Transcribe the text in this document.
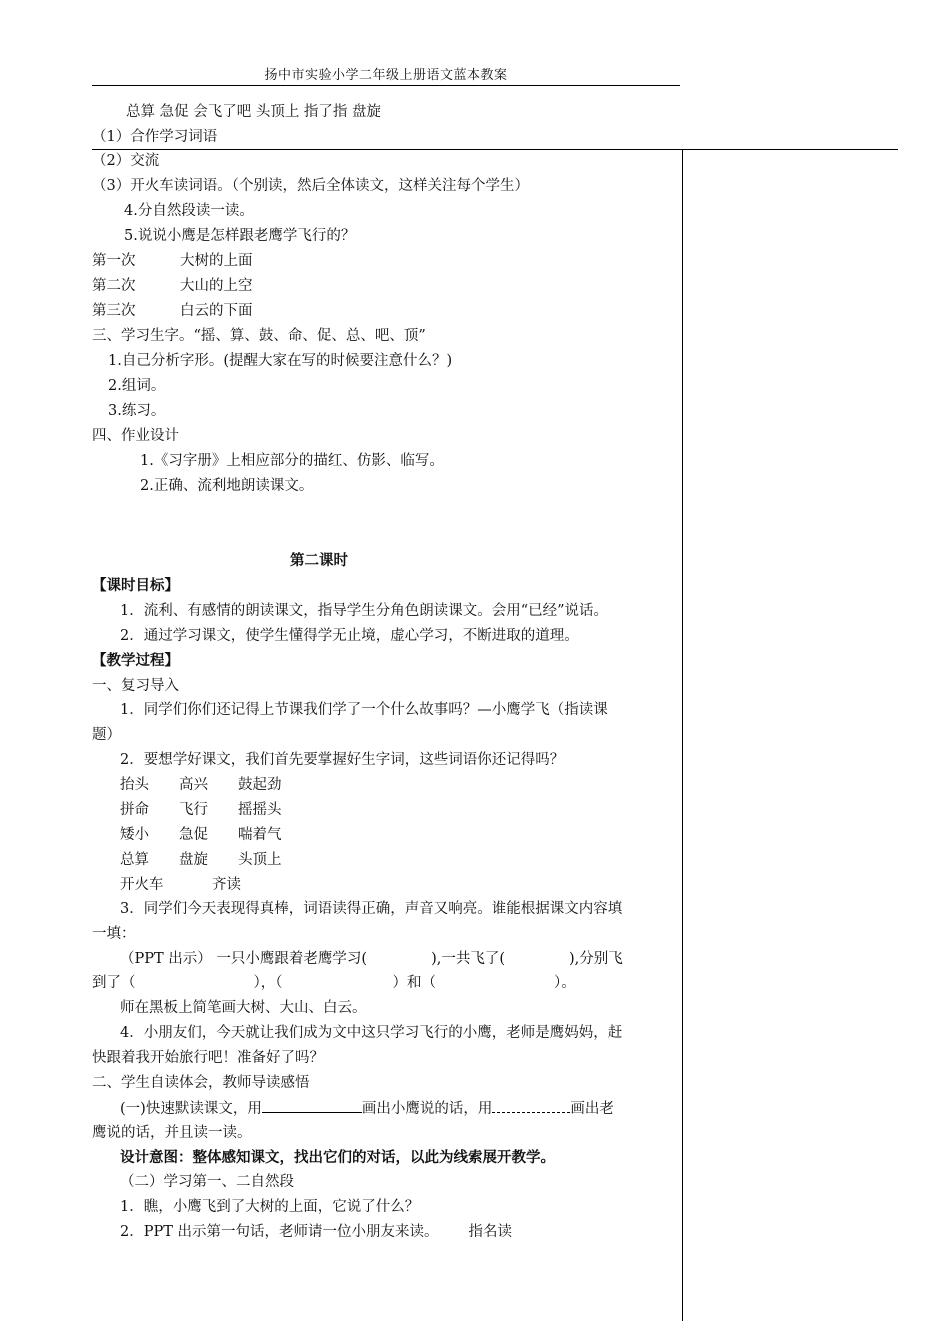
扬中市实验小学二年级上册语文蓝本教案
总算 急促 会飞了吧 头顶上 指了指 盘旋
（1）合作学习词语
（2）交流
（3）开火车读词语。（个别读，然后全体读文，这样关注每个学生）
4.分自然段读一读。
5.说说小鹰是怎样跟老鹰学飞行的？
第一次	大树的上面
第二次	大山的上空
第三次	白云的下面
三、学习生字。“摇、算、鼓、命、促、总、吧、顶”
1.自己分析字形。(提醒大家在写的时候要注意什么？)
2.组词。
3.练习。
四、作业设计
1.《习字册》上相应部分的描红、仿影、临写。
2.正确、流利地朗读课文。
第二课时
【课时目标】
1．流利、有感情的朗读课文，指导学生分角色朗读课文。会用“已经”说话。
2．通过学习课文，使学生懂得学无止境，虚心学习，不断进取的道理。
【教学过程】
一、复习导入
1．同学们你们还记得上节课我们学了一个什么故事吗？—小鹰学飞（指读课
题）
2．要想学好课文，我们首先要掌握好生字词，这些词语你还记得吗？
抬头 高兴 鼓起劲
拼命 飞行 摇摇头
矮小 急促 喘着气
总算 盘旋 头顶上
开火车	齐读
3．同学们今天表现得真棒，词语读得正确，声音又响亮。谁能根据课文内容填
一填：
（PPT 出示） 一只小鹰跟着老鹰学习(	),一共飞了(	),分别飞
到了（	），（	）和（	）。
师在黑板上简笔画大树、大山、白云。
4．小朋友们，今天就让我们成为文中这只学习飞行的小鹰，老师是鹰妈妈，赶
快跟着我开始旅行吧！准备好了吗？
二、学生自读体会，教师导读感悟
(一)快速默读课文，用	画出小鹰说的话，用	画出老
鹰说的话，并且读一读。
设计意图：整体感知课文，找出它们的对话，以此为线索展开教学。
（二）学习第一、二自然段
1．瞧，小鹰飞到了大树的上面，它说了什么？
2．PPT 出示第一句话，老师请一位小朋友来读。 指名读
